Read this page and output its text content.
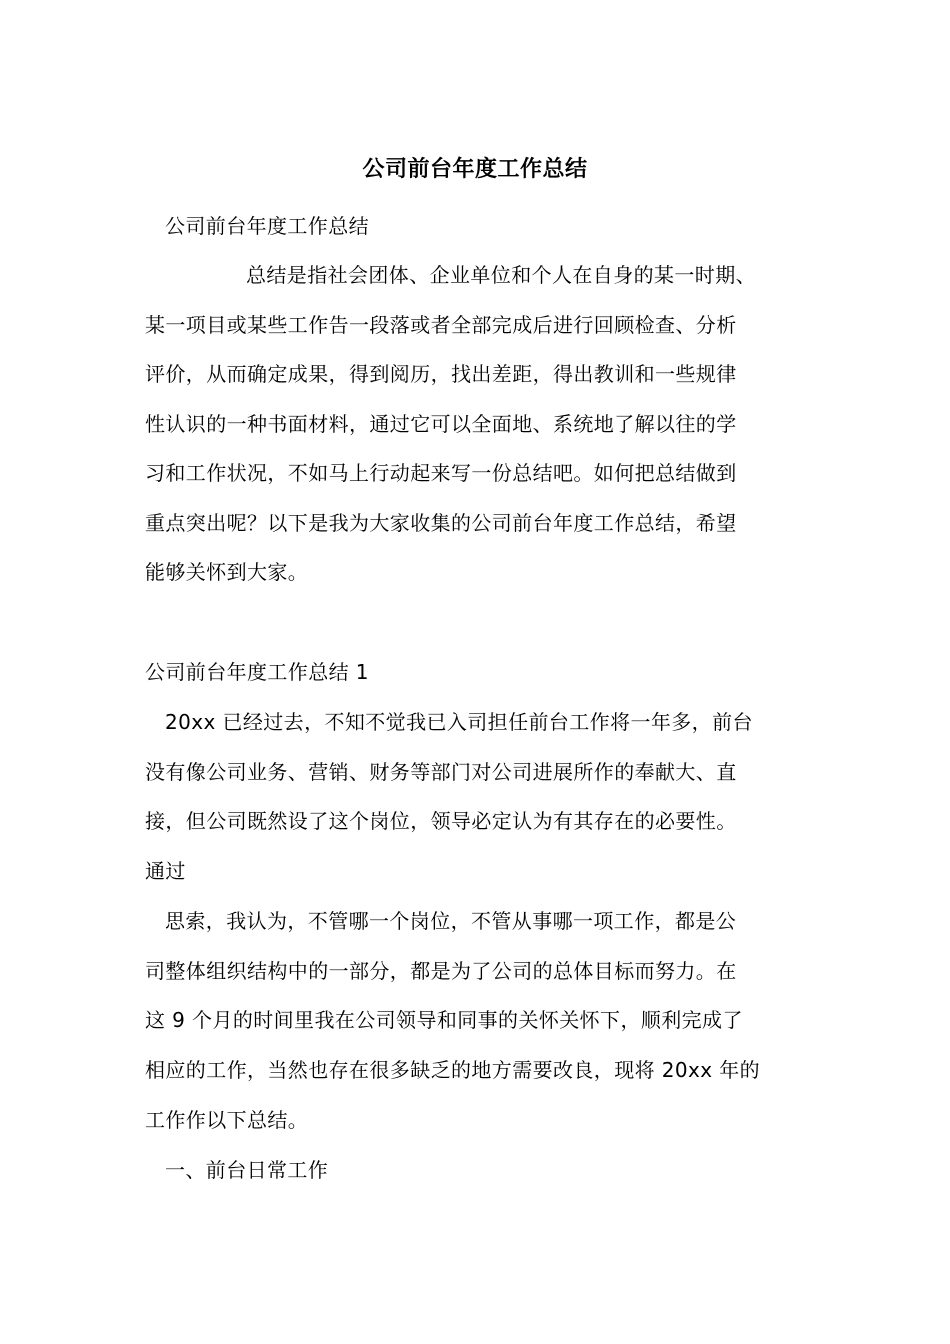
公司前台年度工作总结
公司前台年度工作总结
总结是指社会团体、企业单位和个人在自身的某一时期、
某一项目或某些工作告一段落或者全部完成后进行回顾检查、分析
评价，从而确定成果，得到阅历，找出差距，得出教训和一些规律
性认识的一种书面材料，通过它可以全面地、系统地了解以往的学
习和工作状况，不如马上行动起来写一份总结吧。如何把总结做到
重点突出呢？以下是我为大家收集的公司前台年度工作总结，希望
能够关怀到大家。
公司前台年度工作总结 1
20xx 已经过去，不知不觉我已入司担任前台工作将一年多，前台
没有像公司业务、营销、财务等部门对公司进展所作的奉献大、直
接，但公司既然设了这个岗位，领导必定认为有其存在的必要性。
通过
思索，我认为，不管哪一个岗位，不管从事哪一项工作，都是公
司整体组织结构中的一部分，都是为了公司的总体目标而努力。在
这 9 个月的时间里我在公司领导和同事的关怀关怀下，顺利完成了
相应的工作，当然也存在很多缺乏的地方需要改良，现将 20xx 年的
工作作以下总结。
一、前台日常工作
